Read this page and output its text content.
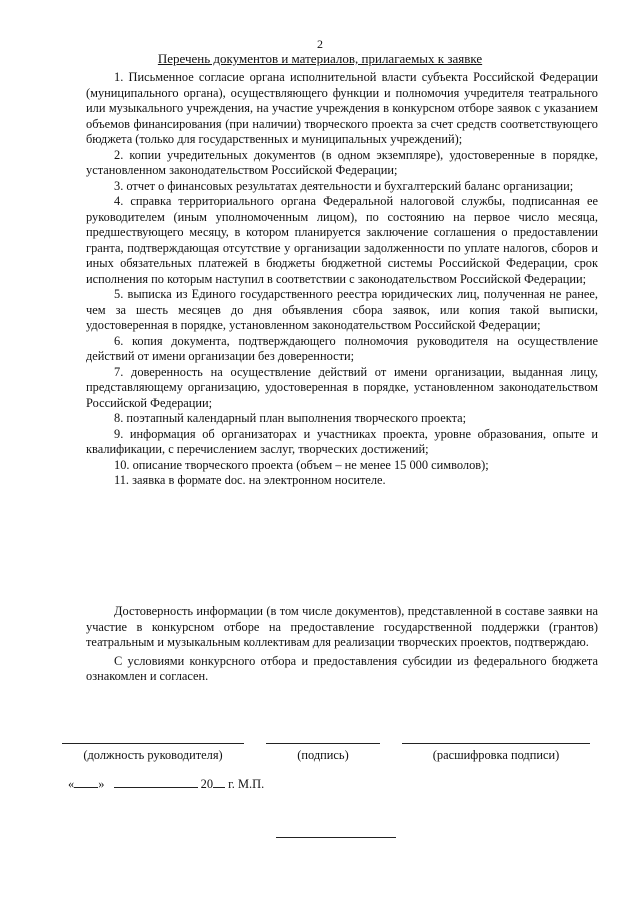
2
Перечень документов и материалов, прилагаемых к заявке

1. Письменное согласие органа исполнительной власти субъекта Российской Федерации (муниципального органа), осуществляющего функции и полномочия учредителя театрального или музыкального учреждения, на участие учреждения в конкурсном отборе заявок с указанием объемов финансирования (при наличии) творческого проекта за счет средств соответствующего бюджета (только для государственных и муниципальных учреждений);

2. копии учредительных документов (в одном экземпляре), удостоверенные в порядке, установленном законодательством Российской Федерации;

3. отчет о финансовых результатах деятельности и бухгалтерский баланс организации;

4. справка территориального органа Федеральной налоговой службы, подписанная ее руководителем (иным уполномоченным лицом), по состоянию на первое число месяца, предшествующего месяцу, в котором планируется заключение соглашения о предоставлении гранта, подтверждающая отсутствие у организации задолженности по уплате налогов, сборов и иных обязательных платежей в бюджеты бюджетной системы Российской Федерации, срок исполнения по которым наступил в соответствии с законодательством Российской Федерации;

5. выписка из Единого государственного реестра юридических лиц, полученная не ранее, чем за шесть месяцев до дня объявления сбора заявок, или копия такой выписки, удостоверенная в порядке, установленном законодательством Российской Федерации;

6. копия документа, подтверждающего полномочия руководителя на осуществление действий от имени организации без доверенности;

7. доверенность на осуществление действий от имени организации, выданная лицу, представляющему организацию, удостоверенная в порядке, установленном законодательством Российской Федерации;

8. поэтапный календарный план выполнения творческого проекта;

9. информация об организаторах и участниках проекта, уровне образования, опыте и квалификации, с перечислением заслуг, творческих достижений;

10. описание творческого проекта (объем – не менее 15 000 символов);

11. заявка в формате doc. на электронном носителе.

Достоверность информации (в том числе документов), представленной в составе заявки на участие в конкурсном отборе на предоставление государственной поддержки (грантов) театральным и музыкальным коллективам для реализации творческих проектов, подтверждаю.

С условиями конкурсного отбора и предоставления субсидии из федерального бюджета ознакомлен и согласен.

(должность руководителя)	(подпись)	(расшифровка подписи)
« »	20 г. М.П.
